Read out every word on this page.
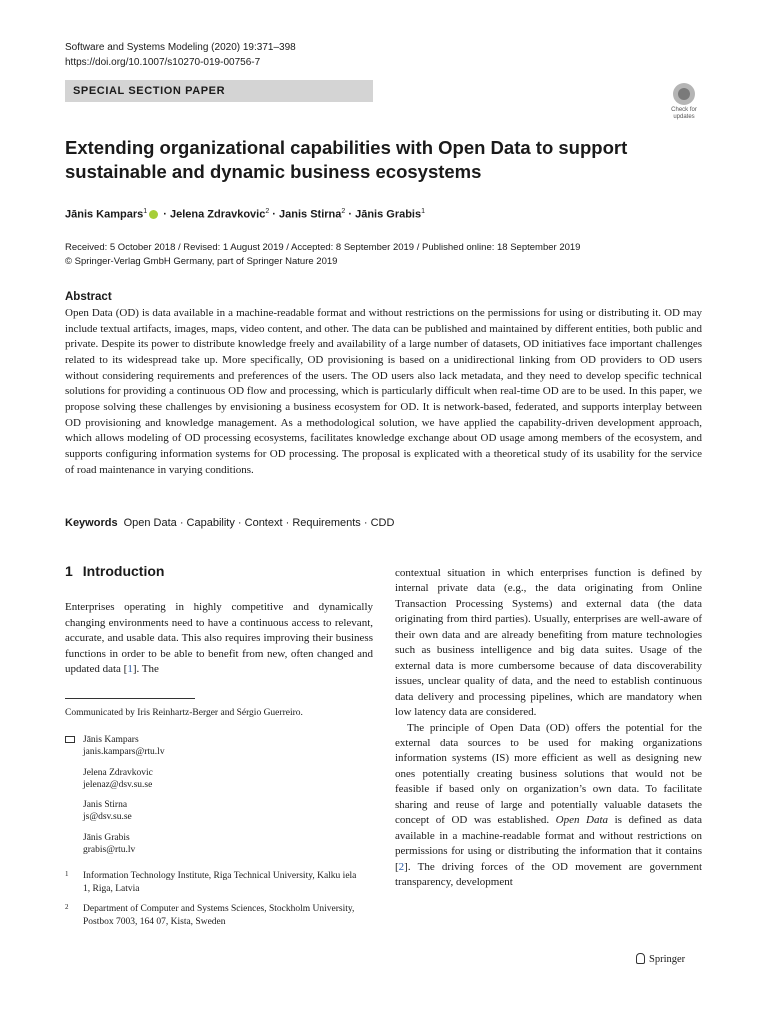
Software and Systems Modeling (2020) 19:371–398
https://doi.org/10.1007/s10270-019-00756-7
SPECIAL SECTION PAPER
Check for
updates
Extending organizational capabilities with Open Data to support sustainable and dynamic business ecosystems
Jānis Kampars$^1$ · Jelena Zdravkovic$^2$ · Janis Stirna$^2$ · Jānis Grabis$^1$
Received: 5 October 2018 / Revised: 1 August 2019 / Accepted: 8 September 2019 / Published online: 18 September 2019
© Springer-Verlag GmbH Germany, part of Springer Nature 2019
Abstract

Open Data (OD) is data available in a machine-readable format and without restrictions on the permissions for using or distributing it. OD may include textual artifacts, images, maps, video content, and other. The data can be published and maintained by different entities, both public and private. Despite its power to distribute knowledge freely and availability of a large number of datasets, OD initiatives face important challenges related to its widespread take up. More specifically, OD provisioning is based on a unidirectional linking from OD providers to OD users without considering requirements and preferences of the users. The OD users also lack metadata, and they need to develop specific technical solutions for providing a continuous OD flow and processing, which is particularly difficult when real-time OD are to be used. In this paper, we propose solving these challenges by envisioning a business ecosystem for OD. It is network-based, federated, and supports interplay between OD provisioning and knowledge management. As a methodological solution, we have applied the capability-driven development approach, which allows modeling of OD processing ecosystems, facilitates knowledge exchange about OD usage among members of the ecosystem, and supports configuring information systems for OD processing. The proposal is explicated with a theoretical study of its usability for the service of road maintenance in varying conditions.

Keywords Open Data · Capability · Context · Requirements · CDD
1 Introduction

Enterprises operating in highly competitive and dynamically changing environments need to have a continuous access to relevant, accurate, and usable data. This also requires improving their business functions in order to be able to benefit from new, often changed and updated data [1]. The

contextual situation in which enterprises function is defined by internal private data (e.g., the data originating from Online Transaction Processing Systems) and external data (the data originating from third parties). Usually, enterprises are well-aware of their own data and are already benefiting from mature technologies such as business intelligence and big data suites. Usage of the external data is more cumbersome because of data discoverability issues, unclear quality of data, and the need to establish continuous data delivery and processing pipelines, which are mandatory when low latency data are considered.

The principle of Open Data (OD) offers the potential for the external data sources to be used for making organizations information systems (IS) more efficient as well as designing new ones potentially creating business solutions that would not be feasible if based only on organization’s own data. To facilitate sharing and reuse of large and potentially valuable datasets the concept of OD was established. Open Data is defined as data available in a machine-readable format and without restrictions on permissions for using or distributing the information that it contains [2]. The driving forces of the OD movement are government transparency, development

Communicated by Iris Reinhartz-Berger and Sérgio Guerreiro.
Jānis Kampars
janis.kampars@rtu.lv
Jelena Zdravkovic
jelenaz@dsv.su.se
Janis Stirna
js@dsv.su.se
Jānis Grabis
grabis@rtu.lv
1 Information Technology Institute, Riga Technical University, Kalku iela 1, Riga, Latvia
2 Department of Computer and Systems Sciences, Stockholm University, Postbox 7003, 164 07, Kista, Sweden
Springer
